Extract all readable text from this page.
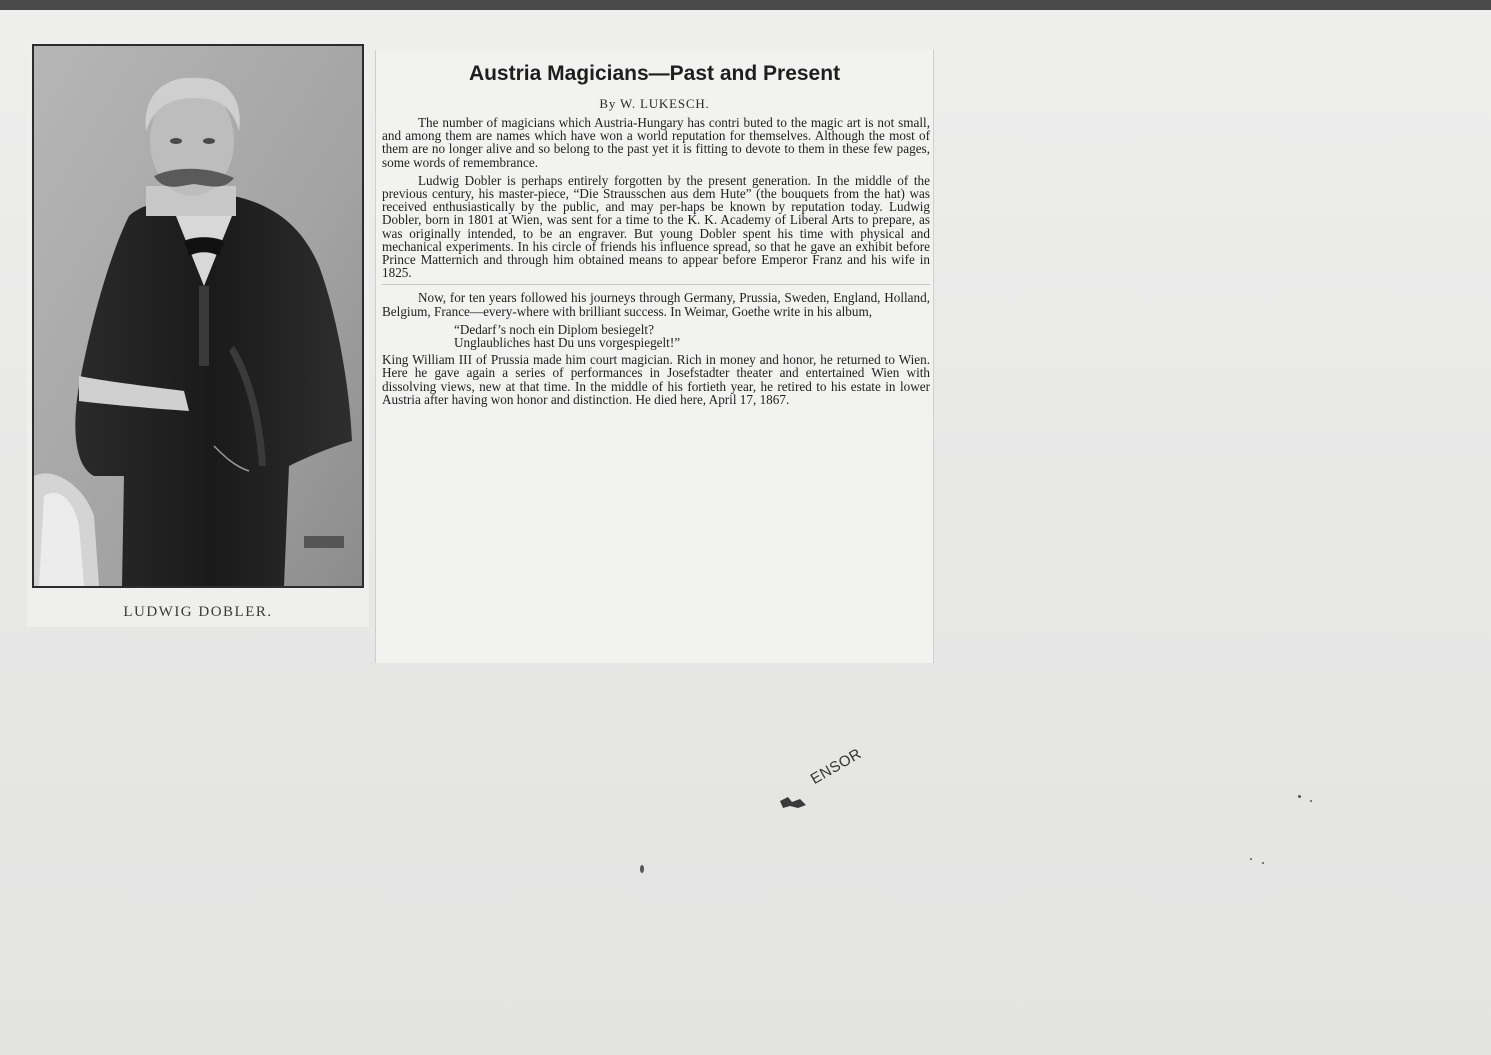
LUDWIG DOBLER.
Austria Magicians—Past and Present
By W. LUKESCH.

The number of magicians which Austria-Hungary has contri buted to the magic art is not small, and among them are names which have won a world reputation for themselves. Although the most of them are no longer alive and so belong to the past yet it is fitting to devote to them in these few pages, some words of remembrance.

Ludwig Dobler is perhaps entirely forgotten by the present generation. In the middle of the previous century, his master-piece, “Die Strausschen aus dem Hute” (the bouquets from the hat) was received enthusiastically by the public, and may per-haps be known by reputation today. Ludwig Dobler, born in 1801 at Wien, was sent for a time to the K. K. Academy of Liberal Arts to prepare, as was originally intended, to be an engraver. But young Dobler spent his time with physical and mechanical experiments. In his circle of friends his influence spread, so that he gave an exhibit before Prince Matternich and through him obtained means to appear before Emperor Franz and his wife in 1825.

Now, for ten years followed his journeys through Germany, Prussia, Sweden, England, Holland, Belgium, France—every-where with brilliant success. In Weimar, Goethe write in his album,

“Dedarf’s noch ein Diplom besiegelt?
Unglaubliches hast Du uns vorgespiegelt!”

King William III of Prussia made him court magician. Rich in money and honor, he returned to Wien. Here he gave again a series of performances in Josefstadter theater and entertained Wien with dissolving views, new at that time. In the middle of his fortieth year, he retired to his estate in lower Austria after having won honor and distinction. He died here, April 17, 1867.

ENSOR
